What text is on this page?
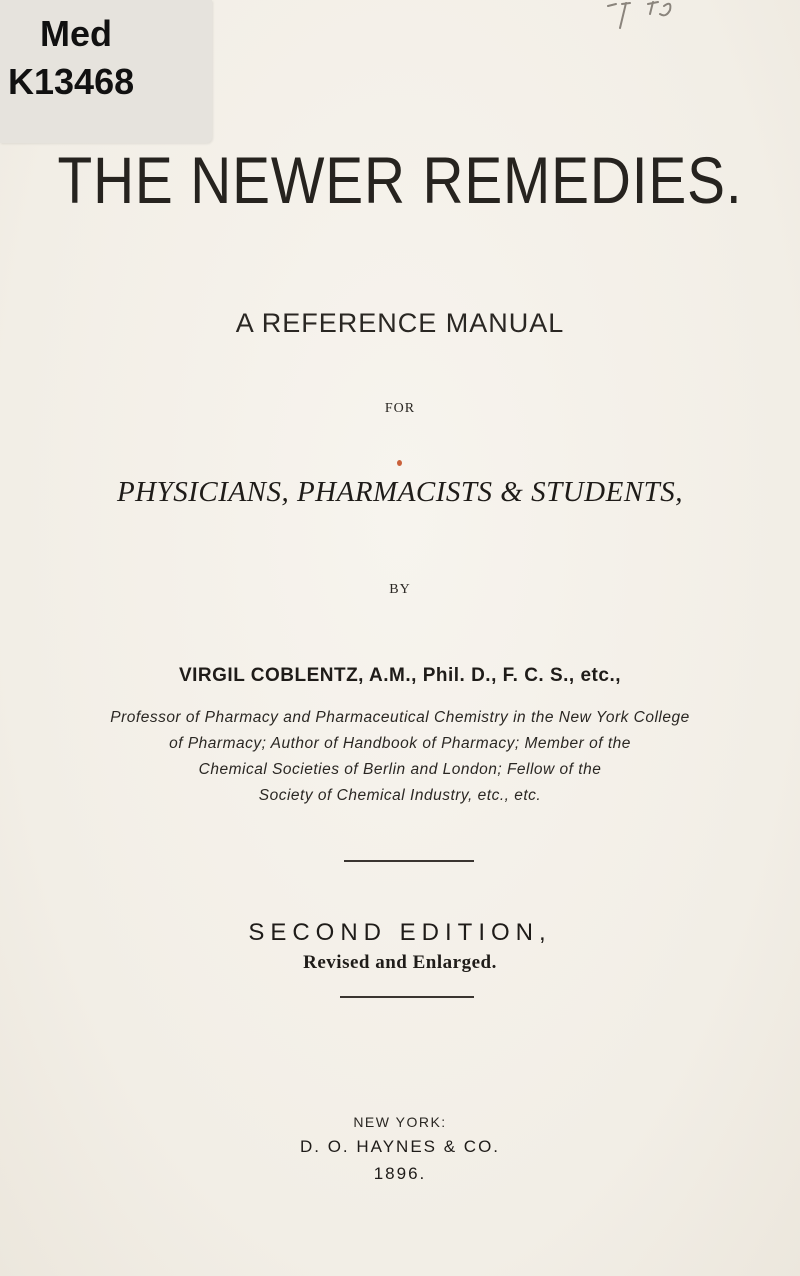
Med
K13468
THE NEWER REMEDIES.
A REFERENCE MANUAL
FOR
PHYSICIANS, PHARMACISTS & STUDENTS,
BY
VIRGIL COBLENTZ, A.M., Phil. D., F. C. S., etc.,
Professor of Pharmacy and Pharmaceutical Chemistry in the New York College
of Pharmacy; Author of Handbook of Pharmacy; Member of the
Chemical Societies of Berlin and London; Fellow of the
Society of Chemical Industry, etc., etc.
SECOND EDITION,
Revised and Enlarged.
NEW YORK:
D. O. HAYNES & CO.
1896.
